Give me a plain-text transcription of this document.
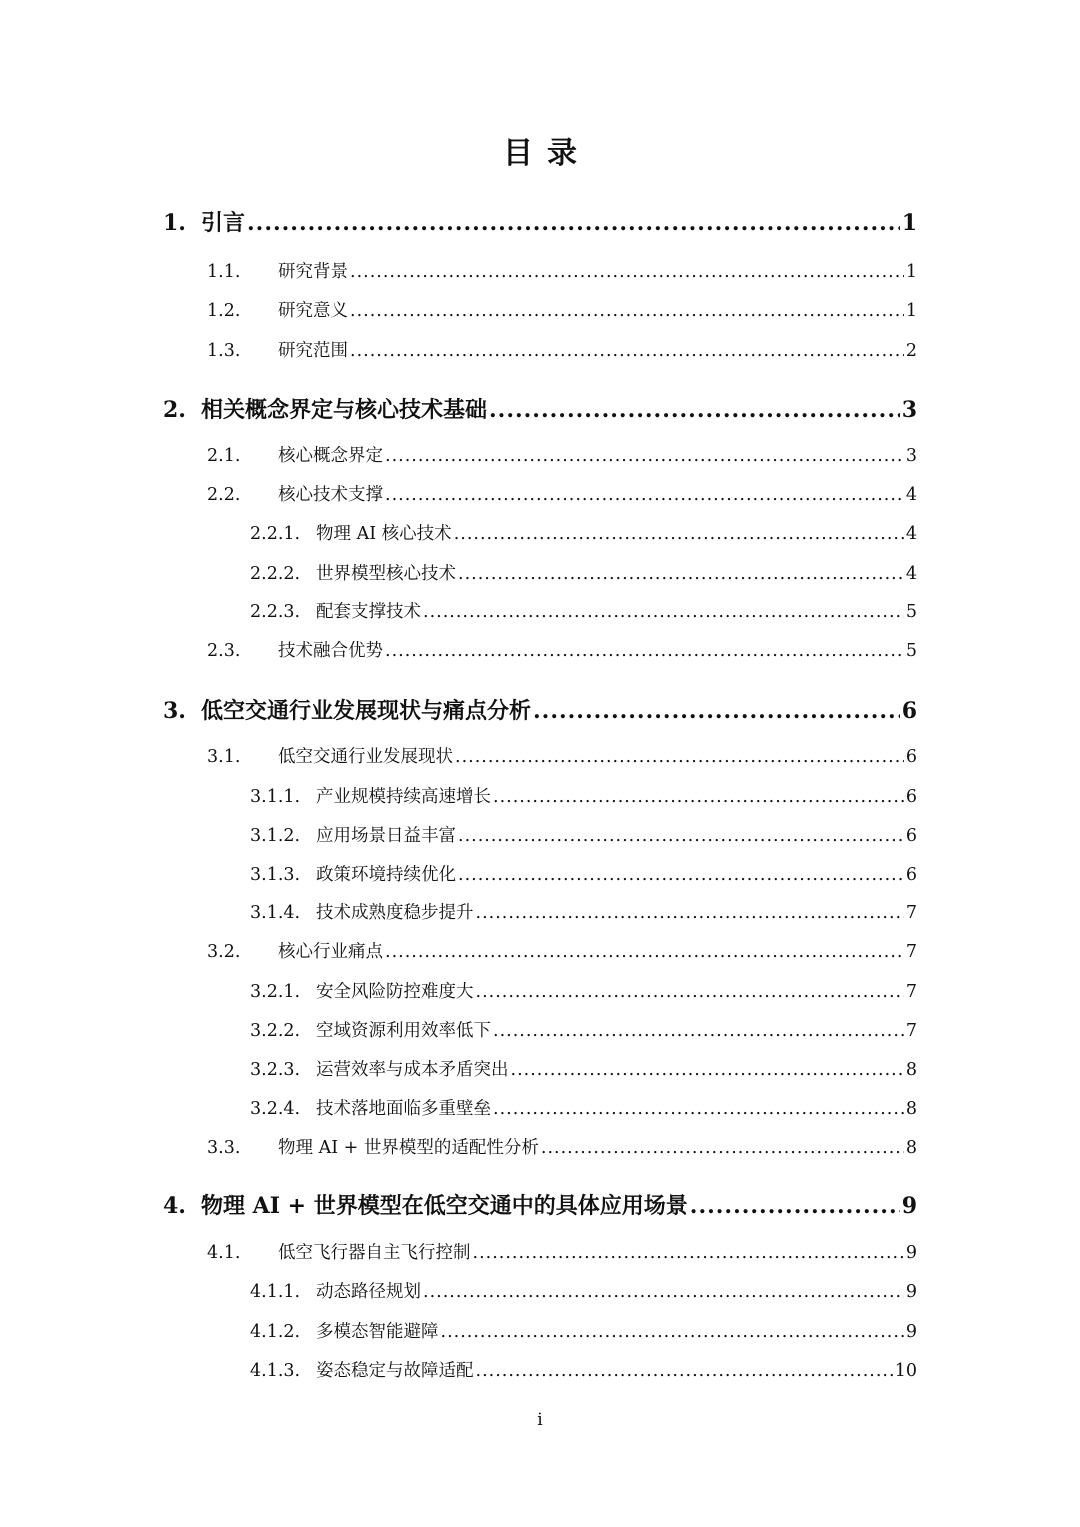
目录
1. 引言 .....	1
1.1.	研究背景 .....	1
1.2.	研究意义 .....	1
1.3.	研究范围 .....	2
2. 相关概念界定与核心技术基础 .....	3
2.1.	核心概念界定 .....	3
2.2.	核心技术支撑 .....	4
2.2.1. 物理 AI 核心技术 .....	4
2.2.2. 世界模型核心技术 .....	4
2.2.3. 配套支撑技术 .....	5
2.3.	技术融合优势 .....	5
3. 低空交通行业发展现状与痛点分析 .....	6
3.1.	低空交通行业发展现状 .....	6
3.1.1. 产业规模持续高速增长 .....	6
3.1.2. 应用场景日益丰富 .....	6
3.1.3. 政策环境持续优化 .....	6
3.1.4. 技术成熟度稳步提升 .....	7
3.2.	核心行业痛点 .....	7
3.2.1. 安全风险防控难度大 .....	7
3.2.2. 空域资源利用效率低下 .....	7
3.2.3. 运营效率与成本矛盾突出 .....	8
3.2.4. 技术落地面临多重壁垒 .....	8
3.3.	物理 AI + 世界模型的适配性分析 .....	8
4. 物理 AI + 世界模型在低空交通中的具体应用场景 .....	9
4.1.	低空飞行器自主飞行控制 .....	9
4.1.1. 动态路径规划 .....	9
4.1.2. 多模态智能避障 .....	9
4.1.3. 姿态稳定与故障适配 .....	10
i
